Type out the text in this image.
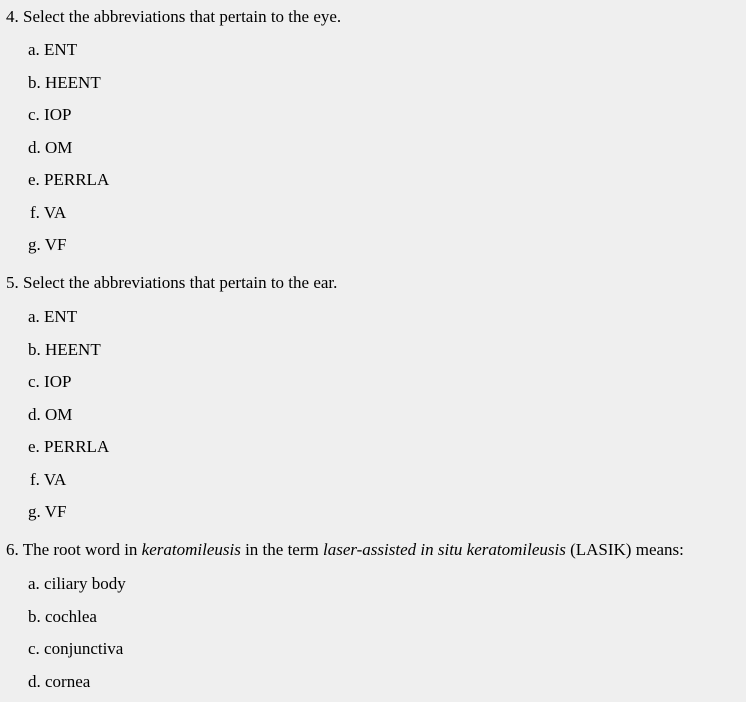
4. Select the abbreviations that pertain to the eye.
a. ENT
b. HEENT
c. IOP
d. OM
e. PERRLA
f. VA
g. VF
5. Select the abbreviations that pertain to the ear.
a. ENT
b. HEENT
c. IOP
d. OM
e. PERRLA
f. VA
g. VF
6. The root word in keratomileusis in the term laser-assisted in situ keratomileusis (LASIK) means:
a. ciliary body
b. cochlea
c. conjunctiva
d. cornea
